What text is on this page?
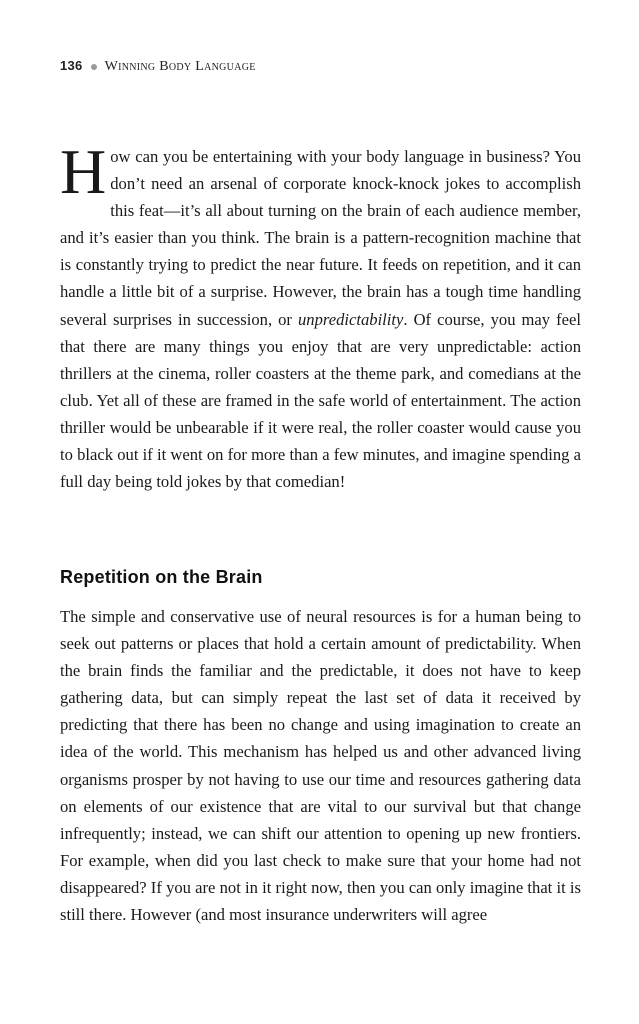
136 Winning Body Language
How can you be entertaining with your body language in business? You don’t need an arsenal of corporate knock-knock jokes to accomplish this feat—it’s all about turning on the brain of each audience member, and it’s easier than you think. The brain is a pattern-recognition machine that is constantly trying to predict the near future. It feeds on repetition, and it can handle a little bit of a surprise. However, the brain has a tough time handling several surprises in succession, or unpredictability. Of course, you may feel that there are many things you enjoy that are very unpredictable: action thrillers at the cinema, roller coasters at the theme park, and comedians at the club. Yet all of these are framed in the safe world of entertainment. The action thriller would be unbearable if it were real, the roller coaster would cause you to black out if it went on for more than a few minutes, and imagine spending a full day being told jokes by that comedian!
Repetition on the Brain
The simple and conservative use of neural resources is for a human being to seek out patterns or places that hold a certain amount of predictability. When the brain finds the familiar and the predictable, it does not have to keep gathering data, but can simply repeat the last set of data it received by predicting that there has been no change and using imagination to create an idea of the world. This mechanism has helped us and other advanced living organisms prosper by not having to use our time and resources gathering data on elements of our existence that are vital to our survival but that change infrequently; instead, we can shift our attention to opening up new frontiers. For example, when did you last check to make sure that your home had not disappeared? If you are not in it right now, then you can only imagine that it is still there. However (and most insurance underwriters will agree
